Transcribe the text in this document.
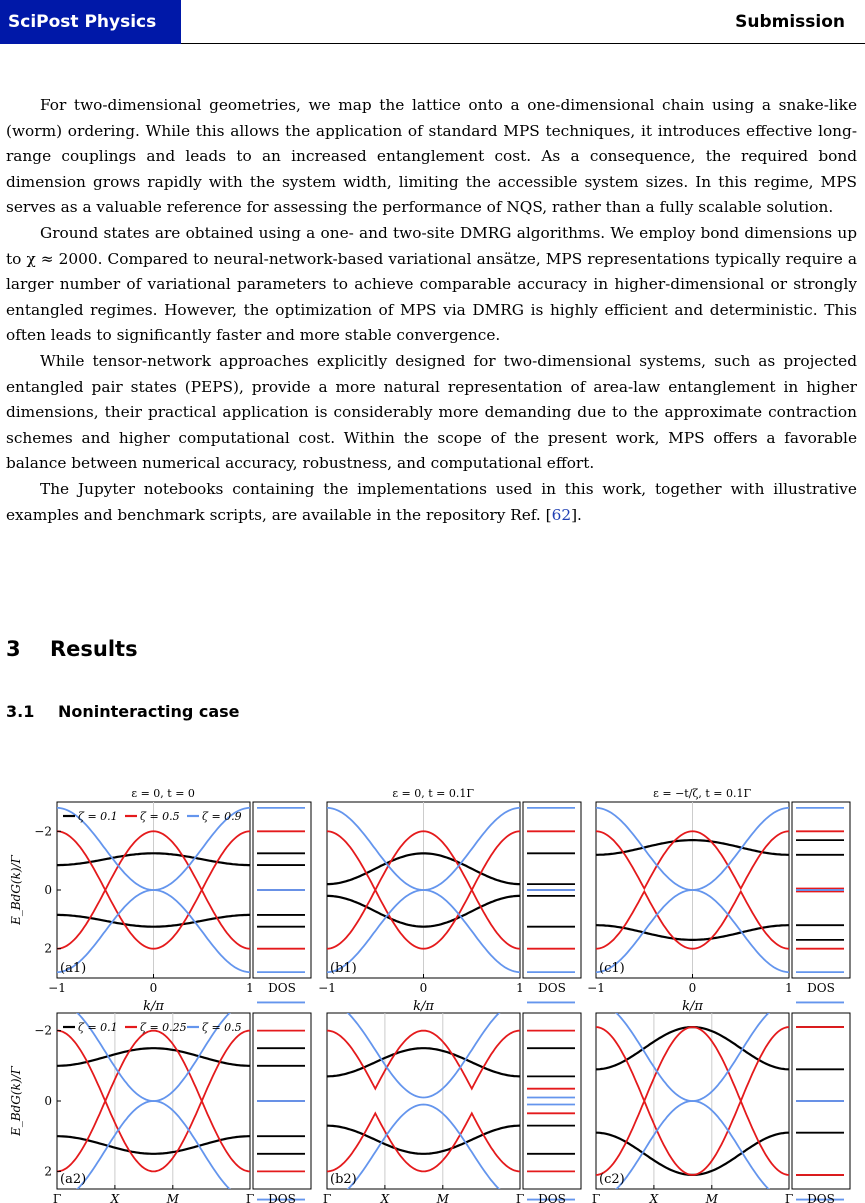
SciPost Physics	Submission

For two-dimensional geometries, we map the lattice onto a one-dimensional chain using a snake-like (worm) ordering. While this allows the application of standard MPS techniques, it introduces effective long-range couplings and leads to an increased entanglement cost. As a consequence, the required bond dimension grows rapidly with the system width, limiting the accessible system sizes. In this regime, MPS serves as a valuable reference for assessing the performance of NQS, rather than a fully scalable solution.

Ground states are obtained using a one- and two-site DMRG algorithms. We employ bond dimensions up to χ ≈ 2000. Compared to neural-network-based variational ansätze, MPS representations typically require a larger number of variational parameters to achieve comparable accuracy in higher-dimensional or strongly entangled regimes. However, the optimization of MPS via DMRG is highly efficient and deterministic. This often leads to significantly faster and more stable convergence.

While tensor-network approaches explicitly designed for two-dimensional systems, such as projected entangled pair states (PEPS), provide a more natural representation of area-law entanglement in higher dimensions, their practical application is considerably more demanding due to the approximate contraction schemes and higher computational cost. Within the scope of the present work, MPS offers a favorable balance between numerical accuracy, robustness, and computational effort.

The Jupyter notebooks containing the implementations used in this work, together with illustrative examples and benchmark scripts, are available in the repository Ref. [62].

3 Results
3.1 Noninteracting case
(a1)
ε = 0, t = 0
−1	0	1 DOS
k/π
−2
0
2
E_BdG(k)/Γ
ζ = 0.1 ζ = 0.5 ζ = 0.9
(b1)
ε = 0, t = 0.1Γ
−1	0	1 DOS
k/π
(c1)
ε = −t/ζ, t = 0.1Γ
−1	0	1 DOS
k/π
(a2)
Γ	X	M	Γ DOS
−2
0
2
E_BdG(k)/Γ
ζ = 0.1 ζ = 0.25 ζ = 0.5
(b2)
Γ	X	M	Γ DOS
(c2)
Γ	X	M	Γ DOS
